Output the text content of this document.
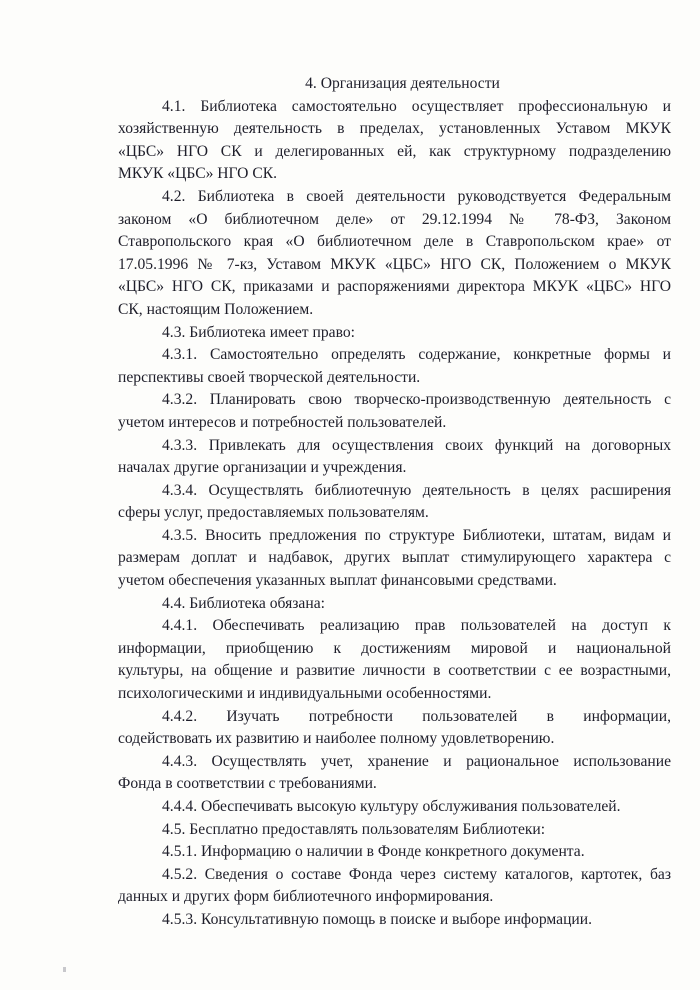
4. Организация деятельности

4.1. Библиотека самостоятельно осуществляет профессиональную и
хозяйственную деятельность в пределах, установленных Уставом МКУК
«ЦБС» НГО СК и делегированных ей, как структурному подразделению
МКУК «ЦБС» НГО СК.
4.2. Библиотека в своей деятельности руководствуется Федеральным
законом «О библиотечном деле» от 29.12.1994 № 78-ФЗ, Законом
Ставропольского края «О библиотечном деле в Ставропольском крае» от
17.05.1996 № 7-кз, Уставом МКУК «ЦБС» НГО СК, Положением о МКУК
«ЦБС» НГО СК, приказами и распоряжениями директора МКУК «ЦБС» НГО
СК, настоящим Положением.
4.3. Библиотека имеет право:
4.3.1. Самостоятельно определять содержание, конкретные формы и
перспективы своей творческой деятельности.
4.3.2. Планировать свою творческо-производственную деятельность с
учетом интересов и потребностей пользователей.
4.3.3. Привлекать для осуществления своих функций на договорных
началах другие организации и учреждения.
4.3.4. Осуществлять библиотечную деятельность в целях расширения
сферы услуг, предоставляемых пользователям.
4.3.5. Вносить предложения по структуре Библиотеки, штатам, видам и
размерам доплат и надбавок, других выплат стимулирующего характера с
учетом обеспечения указанных выплат финансовыми средствами.
4.4. Библиотека обязана:
4.4.1. Обеспечивать реализацию прав пользователей на доступ к
информации, приобщению к достижениям мировой и национальной
культуры, на общение и развитие личности в соответствии с ее возрастными,
психологическими и индивидуальными особенностями.
4.4.2. Изучать потребности пользователей в информации,
содействовать их развитию и наиболее полному удовлетворению.
4.4.3. Осуществлять учет, хранение и рациональное использование
Фонда в соответствии с требованиями.
4.4.4. Обеспечивать высокую культуру обслуживания пользователей.
4.5. Бесплатно предоставлять пользователям Библиотеки:
4.5.1. Информацию о наличии в Фонде конкретного документа.
4.5.2. Сведения о составе Фонда через систему каталогов, картотек, баз
данных и других форм библиотечного информирования.
4.5.3. Консультативную помощь в поиске и выборе информации.
